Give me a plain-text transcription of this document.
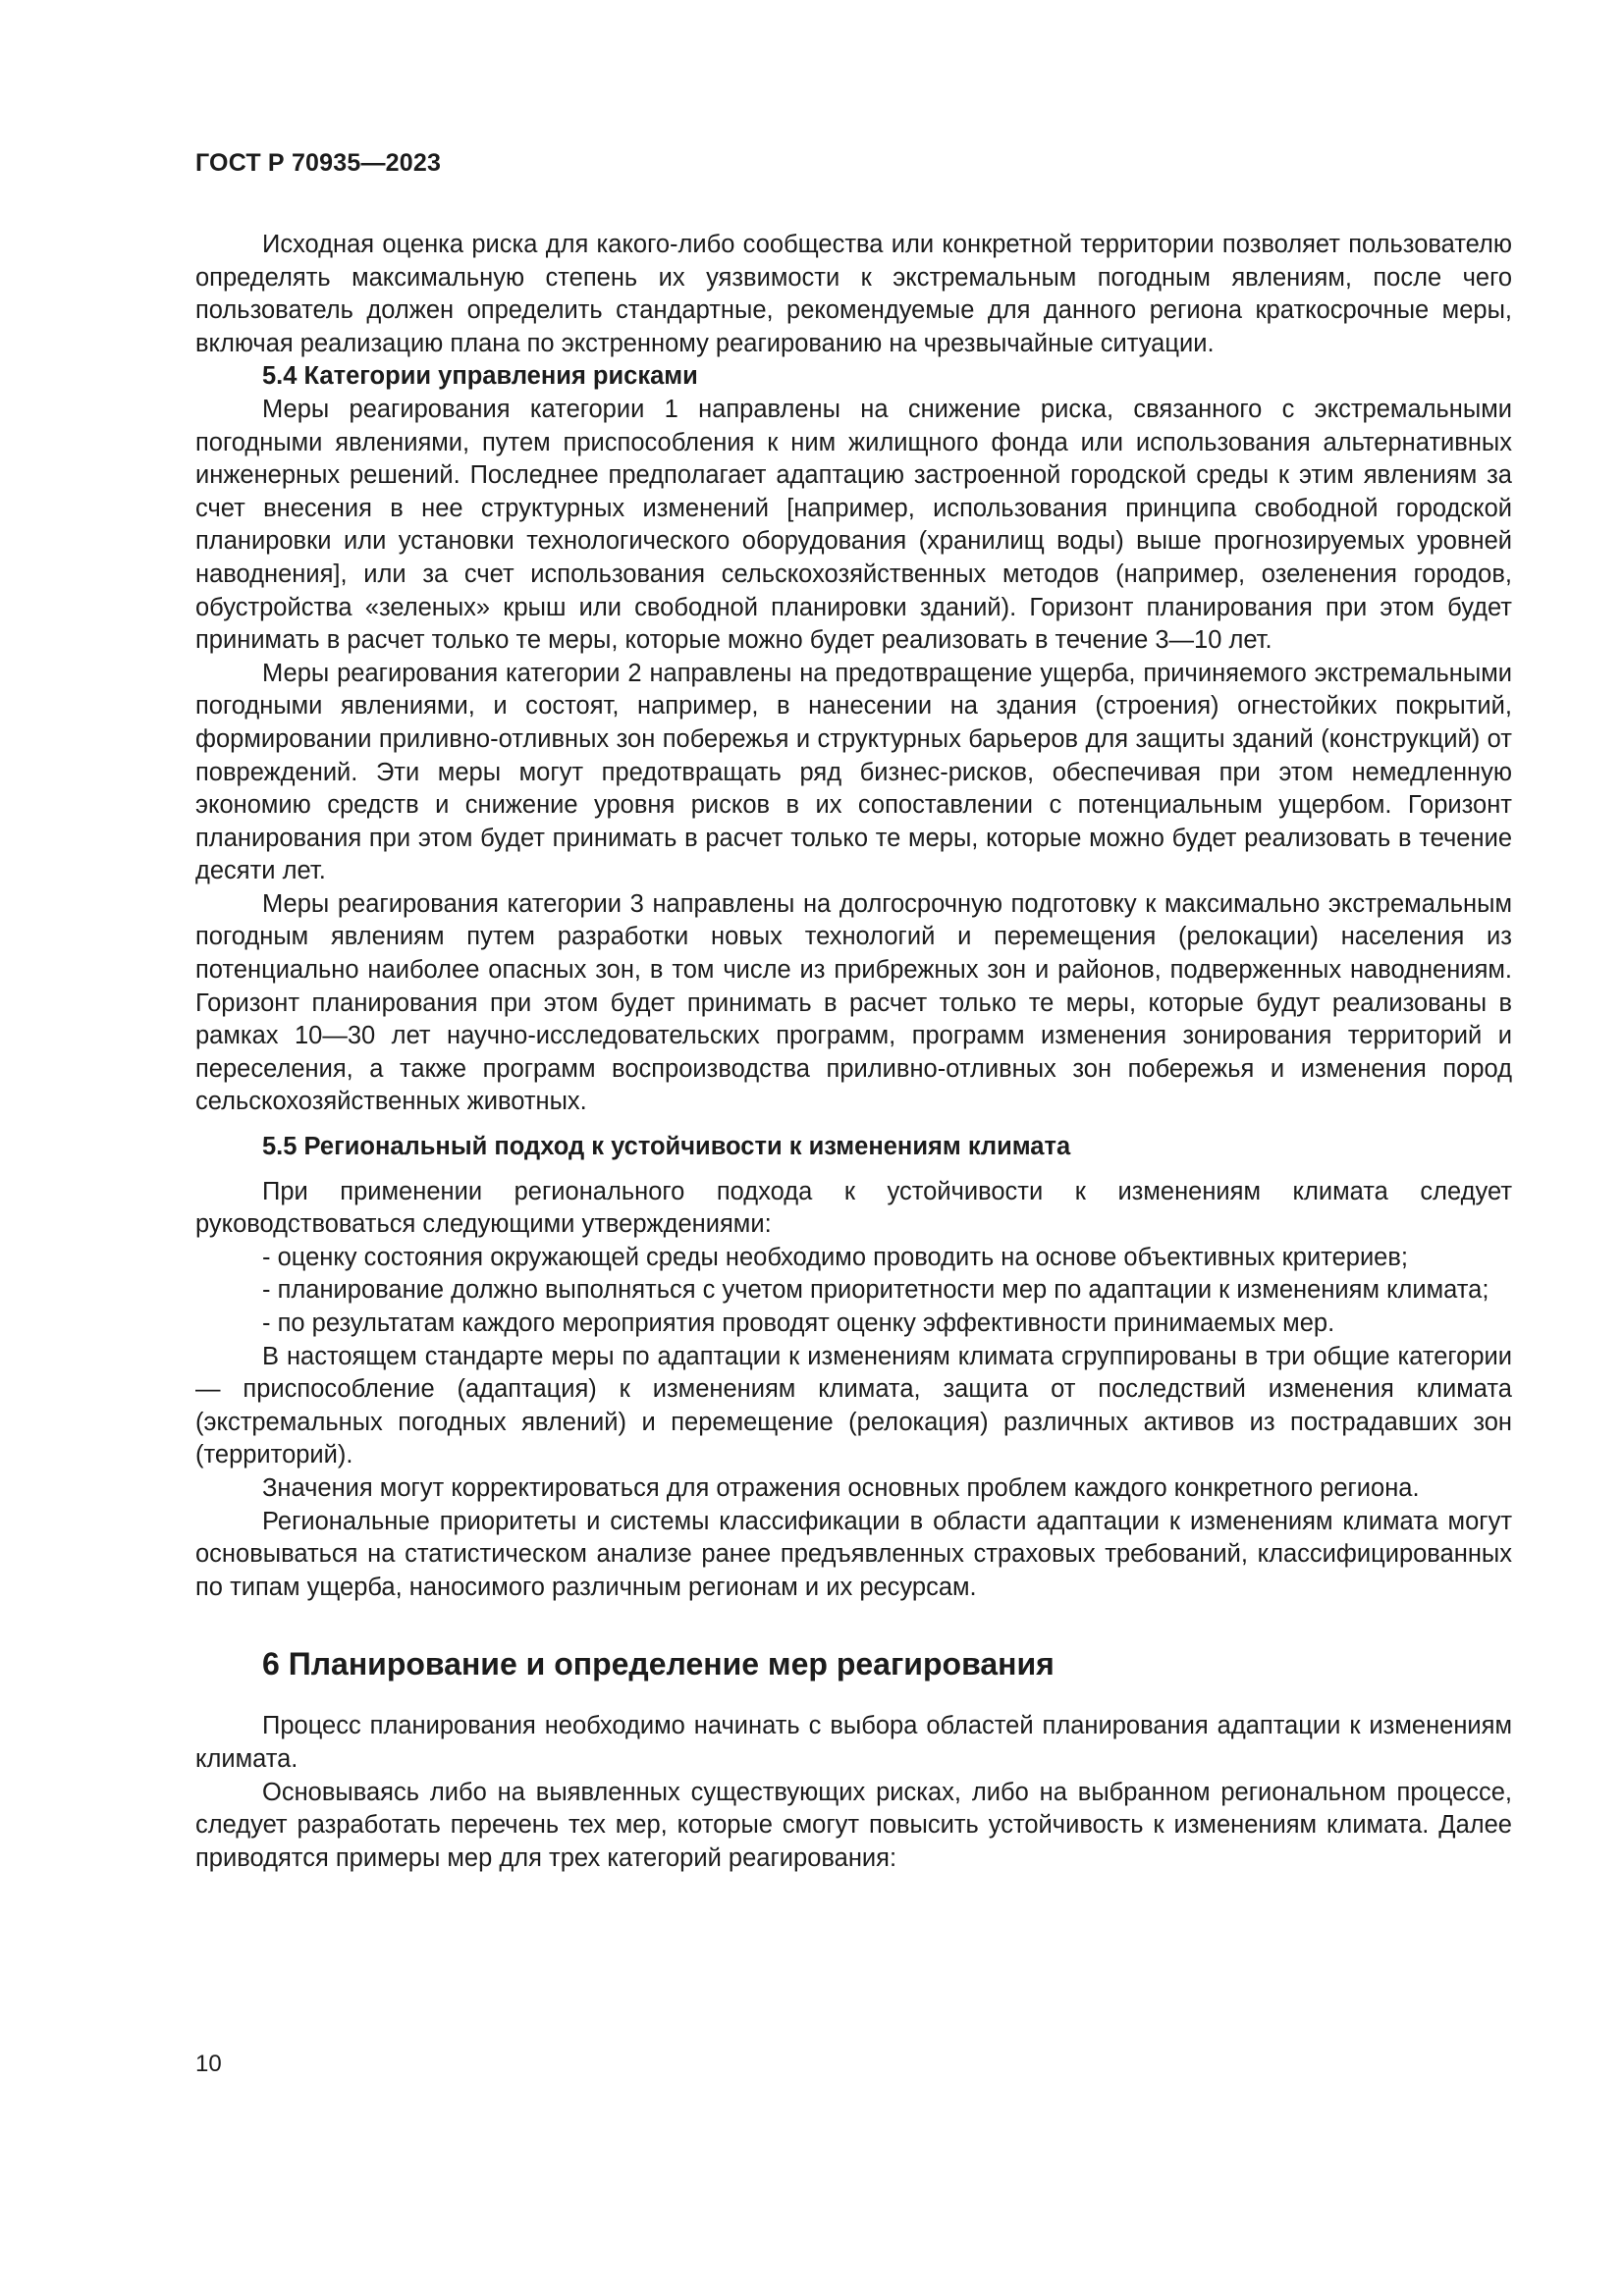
ГОСТ Р 70935—2023

Исходная оценка риска для какого-либо сообщества или конкретной территории позволяет пользователю определять максимальную степень их уязвимости к экстремальным погодным явлениям, после чего пользователь должен определить стандартные, рекомендуемые для данного региона краткосрочные меры, включая реализацию плана по экстренному реагированию на чрезвычайные ситуации.

5.4 Категории управления рисками

Меры реагирования категории 1 направлены на снижение риска, связанного с экстремальными погодными явлениями, путем приспособления к ним жилищного фонда или использования альтернативных инженерных решений. Последнее предполагает адаптацию застроенной городской среды к этим явлениям за счет внесения в нее структурных изменений [например, использования принципа свободной городской планировки или установки технологического оборудования (хранилищ воды) выше прогнозируемых уровней наводнения], или за счет использования сельскохозяйственных методов (например, озеленения городов, обустройства «зеленых» крыш или свободной планировки зданий). Горизонт планирования при этом будет принимать в расчет только те меры, которые можно будет реализовать в течение 3—10 лет.

Меры реагирования категории 2 направлены на предотвращение ущерба, причиняемого экстремальными погодными явлениями, и состоят, например, в нанесении на здания (строения) огнестойких покрытий, формировании приливно-отливных зон побережья и структурных барьеров для защиты зданий (конструкций) от повреждений. Эти меры могут предотвращать ряд бизнес-рисков, обеспечивая при этом немедленную экономию средств и снижение уровня рисков в их сопоставлении с потенциальным ущербом. Горизонт планирования при этом будет принимать в расчет только те меры, которые можно будет реализовать в течение десяти лет.

Меры реагирования категории 3 направлены на долгосрочную подготовку к максимально экстремальным погодным явлениям путем разработки новых технологий и перемещения (релокации) населения из потенциально наиболее опасных зон, в том числе из прибрежных зон и районов, подверженных наводнениям. Горизонт планирования при этом будет принимать в расчет только те меры, которые будут реализованы в рамках 10—30 лет научно-исследовательских программ, программ изменения зонирования территорий и переселения, а также программ воспроизводства приливно-отливных зон побережья и изменения пород сельскохозяйственных животных.

5.5 Региональный подход к устойчивости к изменениям климата

При применении регионального подхода к устойчивости к изменениям климата следует руководствоваться следующими утверждениями:

- оценку состояния окружающей среды необходимо проводить на основе объективных критериев;

- планирование должно выполняться с учетом приоритетности мер по адаптации к изменениям климата;

- по результатам каждого мероприятия проводят оценку эффективности принимаемых мер.

В настоящем стандарте меры по адаптации к изменениям климата сгруппированы в три общие категории — приспособление (адаптация) к изменениям климата, защита от последствий изменения климата (экстремальных погодных явлений) и перемещение (релокация) различных активов из пострадавших зон (территорий).

Значения могут корректироваться для отражения основных проблем каждого конкретного региона.

Региональные приоритеты и системы классификации в области адаптации к изменениям климата могут основываться на статистическом анализе ранее предъявленных страховых требований, классифицированных по типам ущерба, наносимого различным регионам и их ресурсам.

6 Планирование и определение мер реагирования

Процесс планирования необходимо начинать с выбора областей планирования адаптации к изменениям климата.

Основываясь либо на выявленных существующих рисках, либо на выбранном региональном процессе, следует разработать перечень тех мер, которые смогут повысить устойчивость к изменениям климата. Далее приводятся примеры мер для трех категорий реагирования:

10
